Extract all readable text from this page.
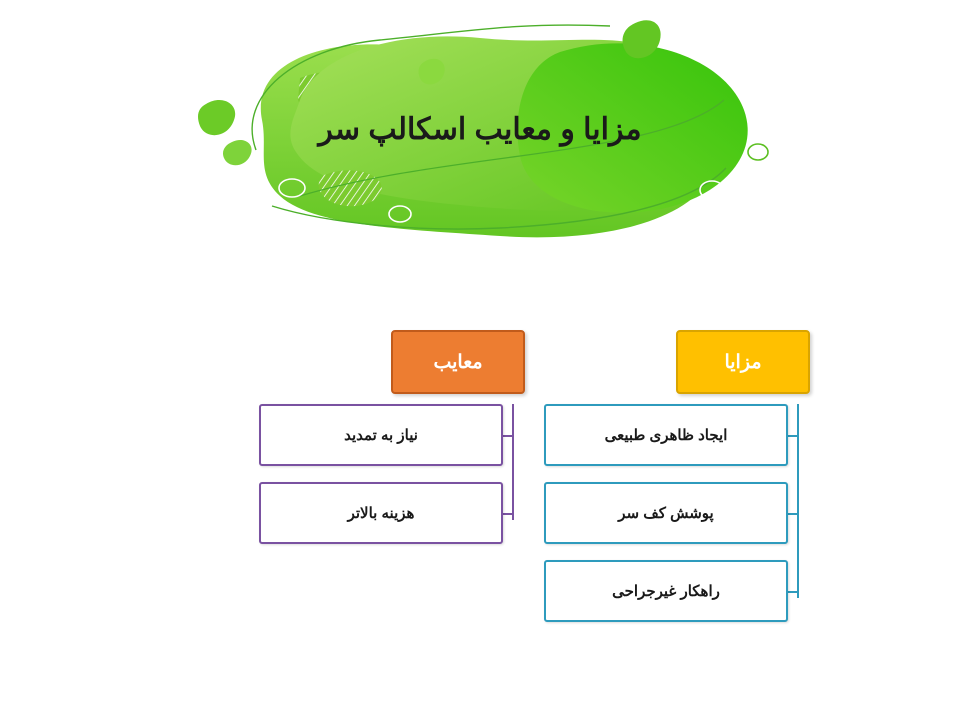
مزایا و معایب اسکالپ سر
مزایا
ایجاد ظاهری طبیعی
پوشش کف سر
راهکار غیرجراحی
معایب
نیاز به تمدید
هزینه بالاتر
